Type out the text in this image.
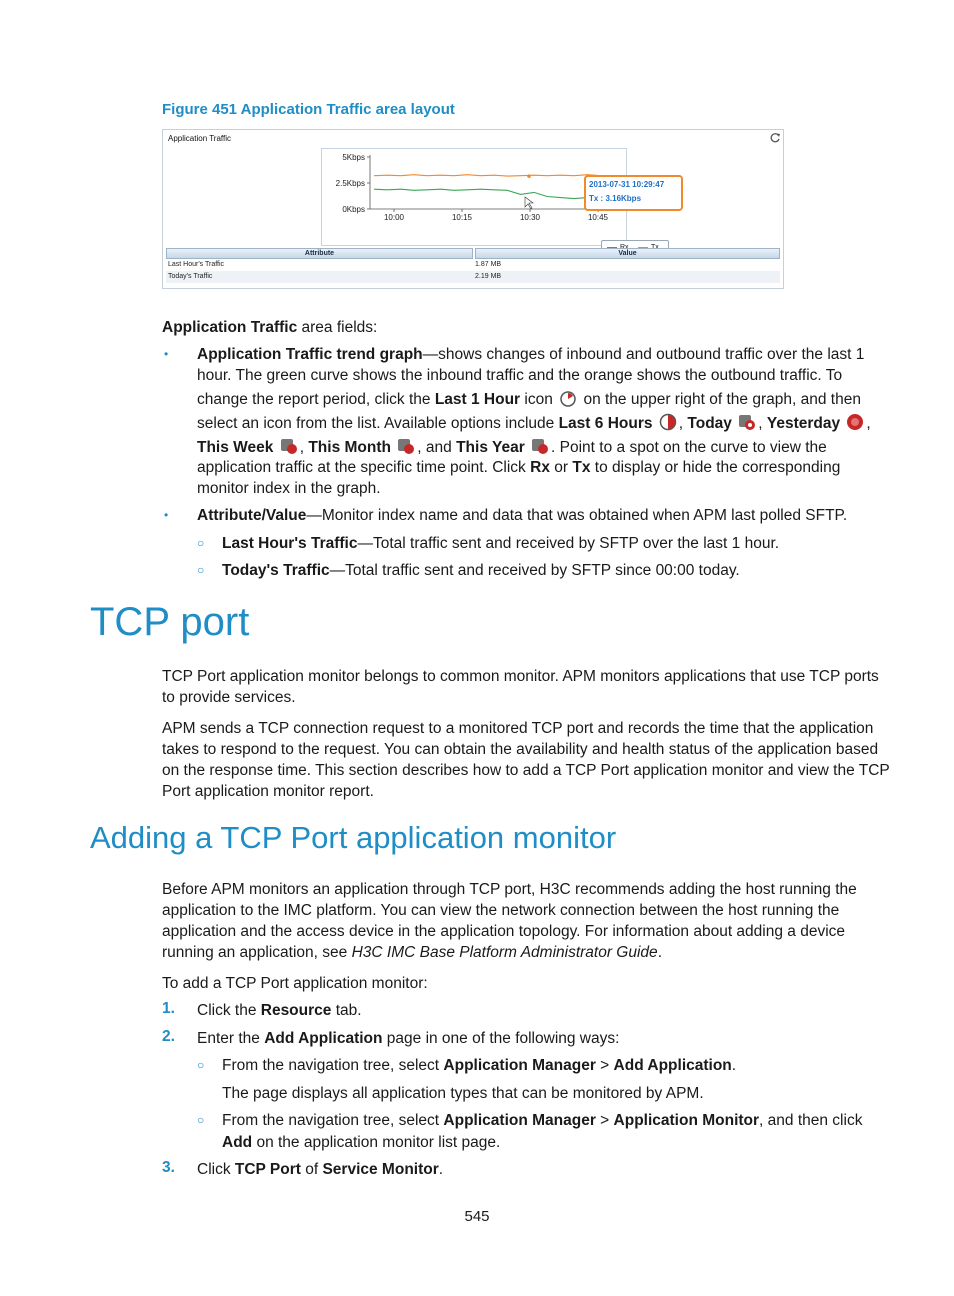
Figure 451 Application Traffic area layout
Application Traffic
5Kbps
2.5Kbps
0Kbps
10:00	10:15	10:30	10:45
2013-07-31 10:29:47
Tx : 3.16Kbps
Attribute	Value
Last Hour's Traffic	1.87 MB
Today's Traffic	2.19 MB
Application Traffic area fields:
• Application Traffic trend graph—shows changes of inbound and outbound traffic over the last 1
hour. The green curve shows the inbound traffic and the orange shows the outbound traffic. To
change the report period, click the Last 1 Hour icon  on the upper right of the graph, and then
select an icon from the list. Available options include Last 6 Hours , Today , Yesterday ,
This Week , This Month , and This Year . Point to a spot on the curve to view the
application traffic at the specific time point. Click Rx or Tx to display or hide the corresponding
monitor index in the graph.
• Attribute/Value—Monitor index name and data that was obtained when APM last polled SFTP.
○ Last Hour's Traffic—Total traffic sent and received by SFTP over the last 1 hour.
○ Today's Traffic—Total traffic sent and received by SFTP since 00:00 today.
TCP port
TCP Port application monitor belongs to common monitor. APM monitors applications that use TCP ports
to provide services.
APM sends a TCP connection request to a monitored TCP port and records the time that the application
takes to respond to the request. You can obtain the availability and health status of the application based
on the response time. This section describes how to add a TCP Port application monitor and view the TCP
Port application monitor report.
Adding a TCP Port application monitor
Before APM monitors an application through TCP port, H3C recommends adding the host running the
application to the IMC platform. You can view the network connection between the host running the
application and the access device in the application topology. For information about adding a device
running an application, see H3C IMC Base Platform Administrator Guide.
To add a TCP Port application monitor:
1. Click the Resource tab.
2. Enter the Add Application page in one of the following ways:
○ From the navigation tree, select Application Manager > Add Application.
The page displays all application types that can be monitored by APM.
○ From the navigation tree, select Application Manager > Application Monitor, and then click
Add on the application monitor list page.
3. Click TCP Port of Service Monitor.
545
